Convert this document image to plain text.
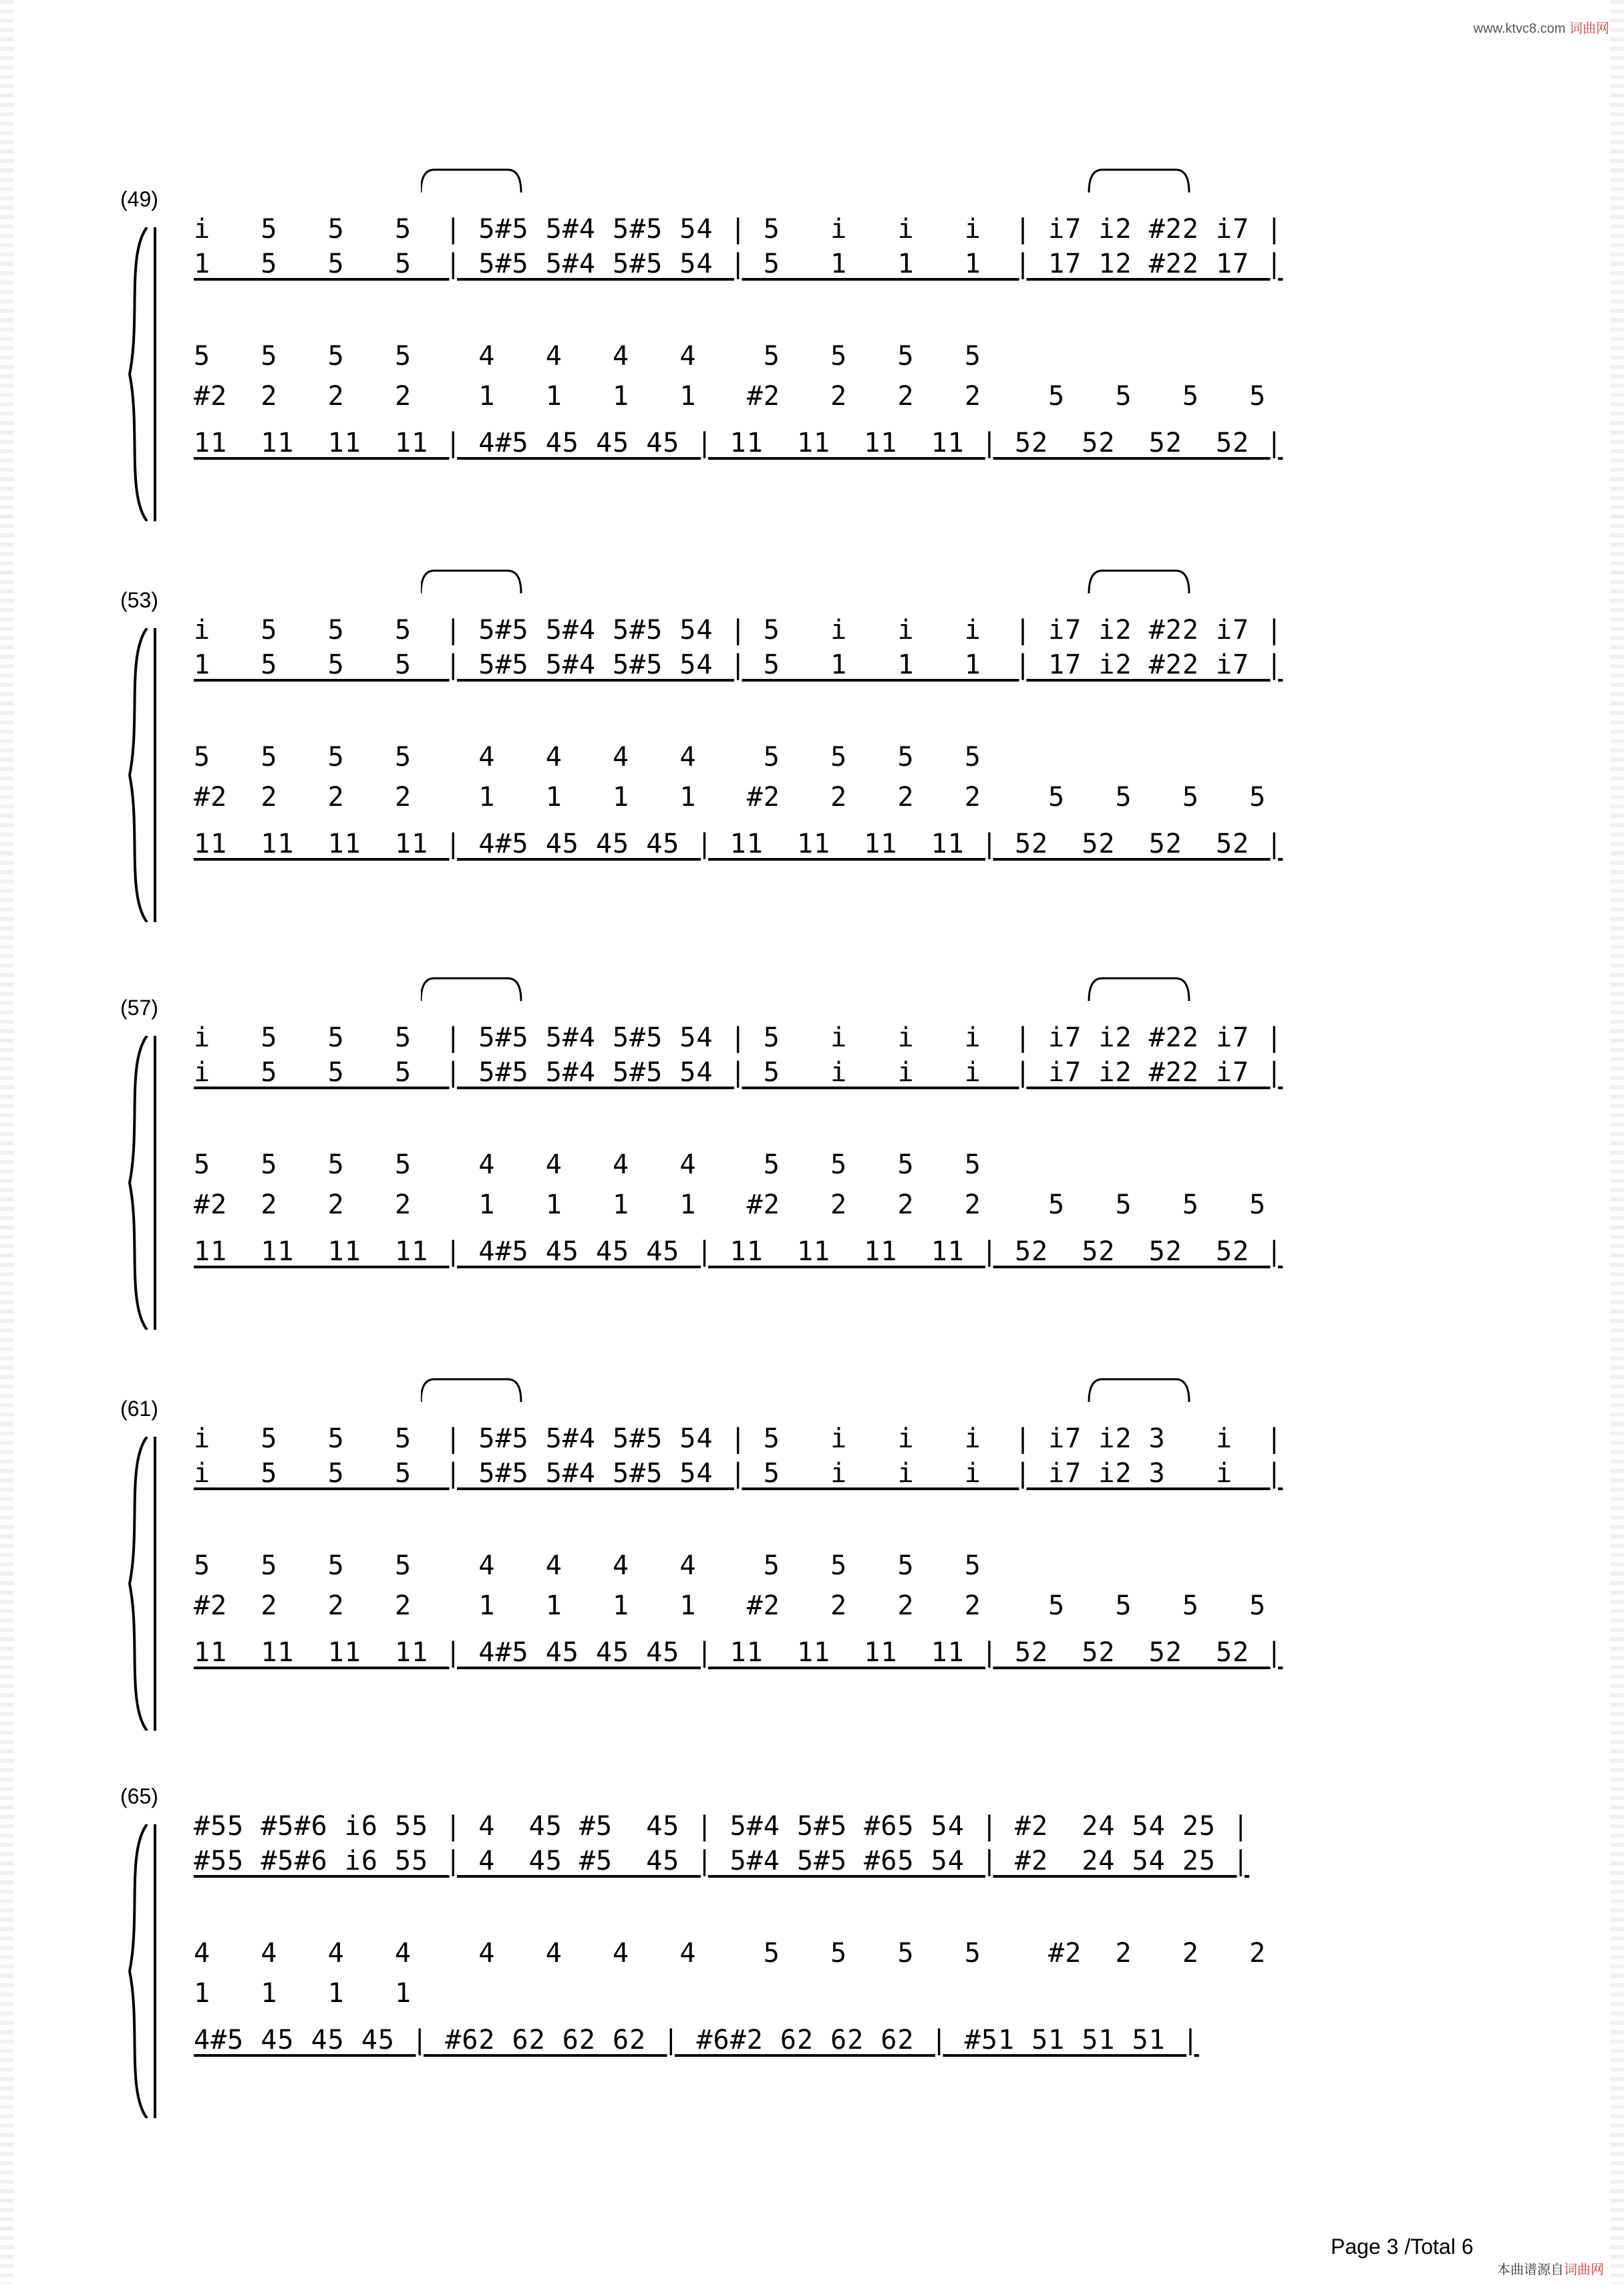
www.ktvc8.com 词曲网
(49)
i   5   5   5  | 5#5 5#4 5#5 54 | 5   i   i   i  | i7 i2 #22 i7 |
1   5   5   5  | 5#5 5#4 5#5 54 | 5   1   1   1  | 17 12 #22 17 |
5   5   5   5    4   4   4   4    5   5   5   5
#2  2   2   2    1   1   1   1   #2   2   2   2    5   5   5   5
11  11  11  11 | 4#5 45 45 45 | 11  11  11  11 | 52  52  52  52 |
(53)
i   5   5   5  | 5#5 5#4 5#5 54 | 5   i   i   i  | i7 i2 #22 i7 |
1   5   5   5  | 5#5 5#4 5#5 54 | 5   1   1   1  | 17 i2 #22 i7 |
5   5   5   5    4   4   4   4    5   5   5   5
#2  2   2   2    1   1   1   1   #2   2   2   2    5   5   5   5
11  11  11  11 | 4#5 45 45 45 | 11  11  11  11 | 52  52  52  52 |
(57)
i   5   5   5  | 5#5 5#4 5#5 54 | 5   i   i   i  | i7 i2 #22 i7 |
i   5   5   5  | 5#5 5#4 5#5 54 | 5   i   i   i  | i7 i2 #22 i7 |
5   5   5   5    4   4   4   4    5   5   5   5
#2  2   2   2    1   1   1   1   #2   2   2   2    5   5   5   5
11  11  11  11 | 4#5 45 45 45 | 11  11  11  11 | 52  52  52  52 |
(61)
i   5   5   5  | 5#5 5#4 5#5 54 | 5   i   i   i  | i7 i2 3   i  |
i   5   5   5  | 5#5 5#4 5#5 54 | 5   i   i   i  | i7 i2 3   i  |
5   5   5   5    4   4   4   4    5   5   5   5
#2  2   2   2    1   1   1   1   #2   2   2   2    5   5   5   5
11  11  11  11 | 4#5 45 45 45 | 11  11  11  11 | 52  52  52  52 |
(65)
#55 #5#6 i6 55 | 4  45 #5  45 | 5#4 5#5 #65 54 | #2  24 54 25 |
#55 #5#6 i6 55 | 4  45 #5  45 | 5#4 5#5 #65 54 | #2  24 54 25 |
4   4   4   4    4   4   4   4    5   5   5   5    #2  2   2   2
1   1   1   1
4#5 45 45 45 | #62 62 62 62 | #6#2 62 62 62 | #51 51 51 51 |
Page 3 /Total 6
本曲谱源自 词曲网
